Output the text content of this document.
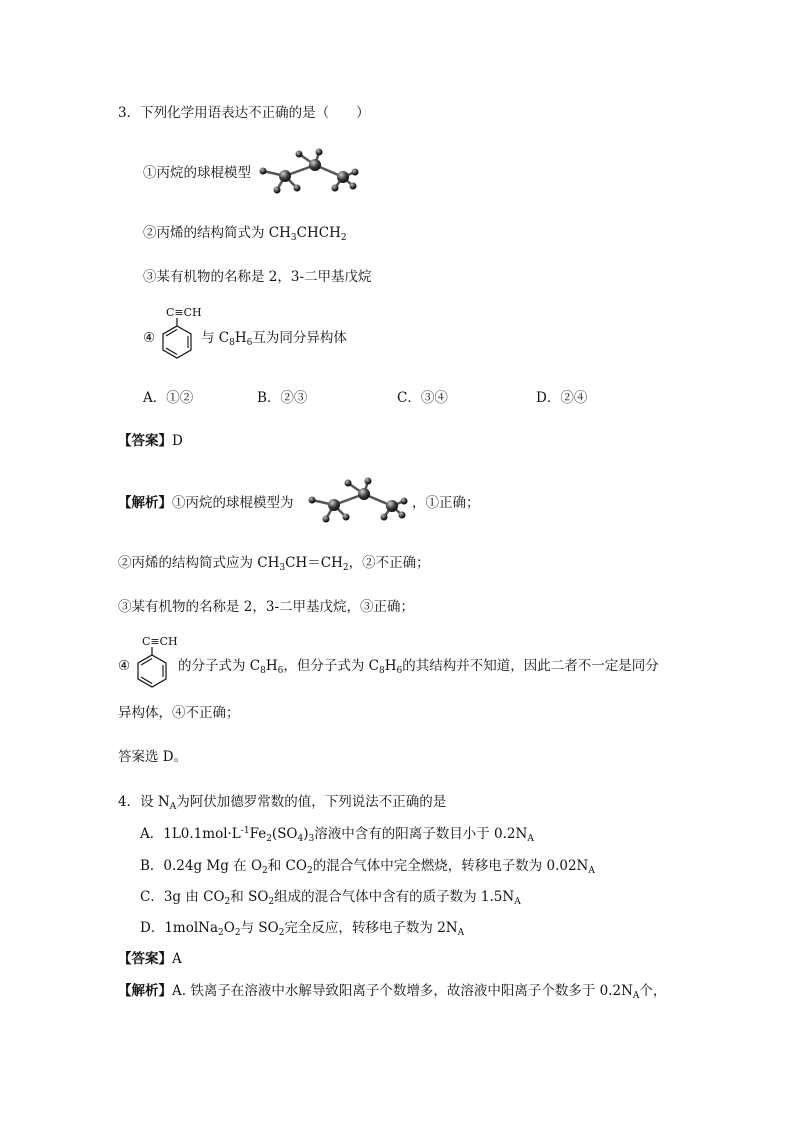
3．下列化学用语表达不正确的是（　　）
①丙烷的球棍模型
②丙烯的结构简式为 $CH_3CHCH_2$
③某有机物的名称是 2，3-二甲基戊烷
④
C≡CH
与 $C_8H_6$互为同分异构体
A．①②	B．②③	C．③④	D．②④
【答案】D
【解析】①丙烷的球棍模型为	，①正确；
②丙烯的结构简式应为 $CH_3CH=CH_2$，②不正确；
③某有机物的名称是 2，3-二甲基戊烷，③正确；
④
C≡CH
的分子式为 $C_8H_6$，但分子式为 $C_8H_6$的其结构并不知道，因此二者不一定是同分
异构体，④不正确；
答案选 D。
4．设 $N_A$为阿伏加德罗常数的值，下列说法不正确的是
A．$1L0.1mol\cdot L^{-1}Fe_2(SO_4)_3$溶液中含有的阳离子数目小于 $0.2N_A$
B．0.24g Mg 在 $O_2$和 $CO_2$的混合气体中完全燃烧，转移电子数为 $0.02N_A$
C．3g 由 $CO_2$和 $SO_2$组成的混合气体中含有的质子数为 $1.5N_A$
D．$1molNa_2O_2$与 $SO_2$完全反应，转移电子数为 $2N_A$
【答案】A
【解析】A. 铁离子在溶液中水解导致阳离子个数增多，故溶液中阳离子个数多于 $0.2N_A$个，
